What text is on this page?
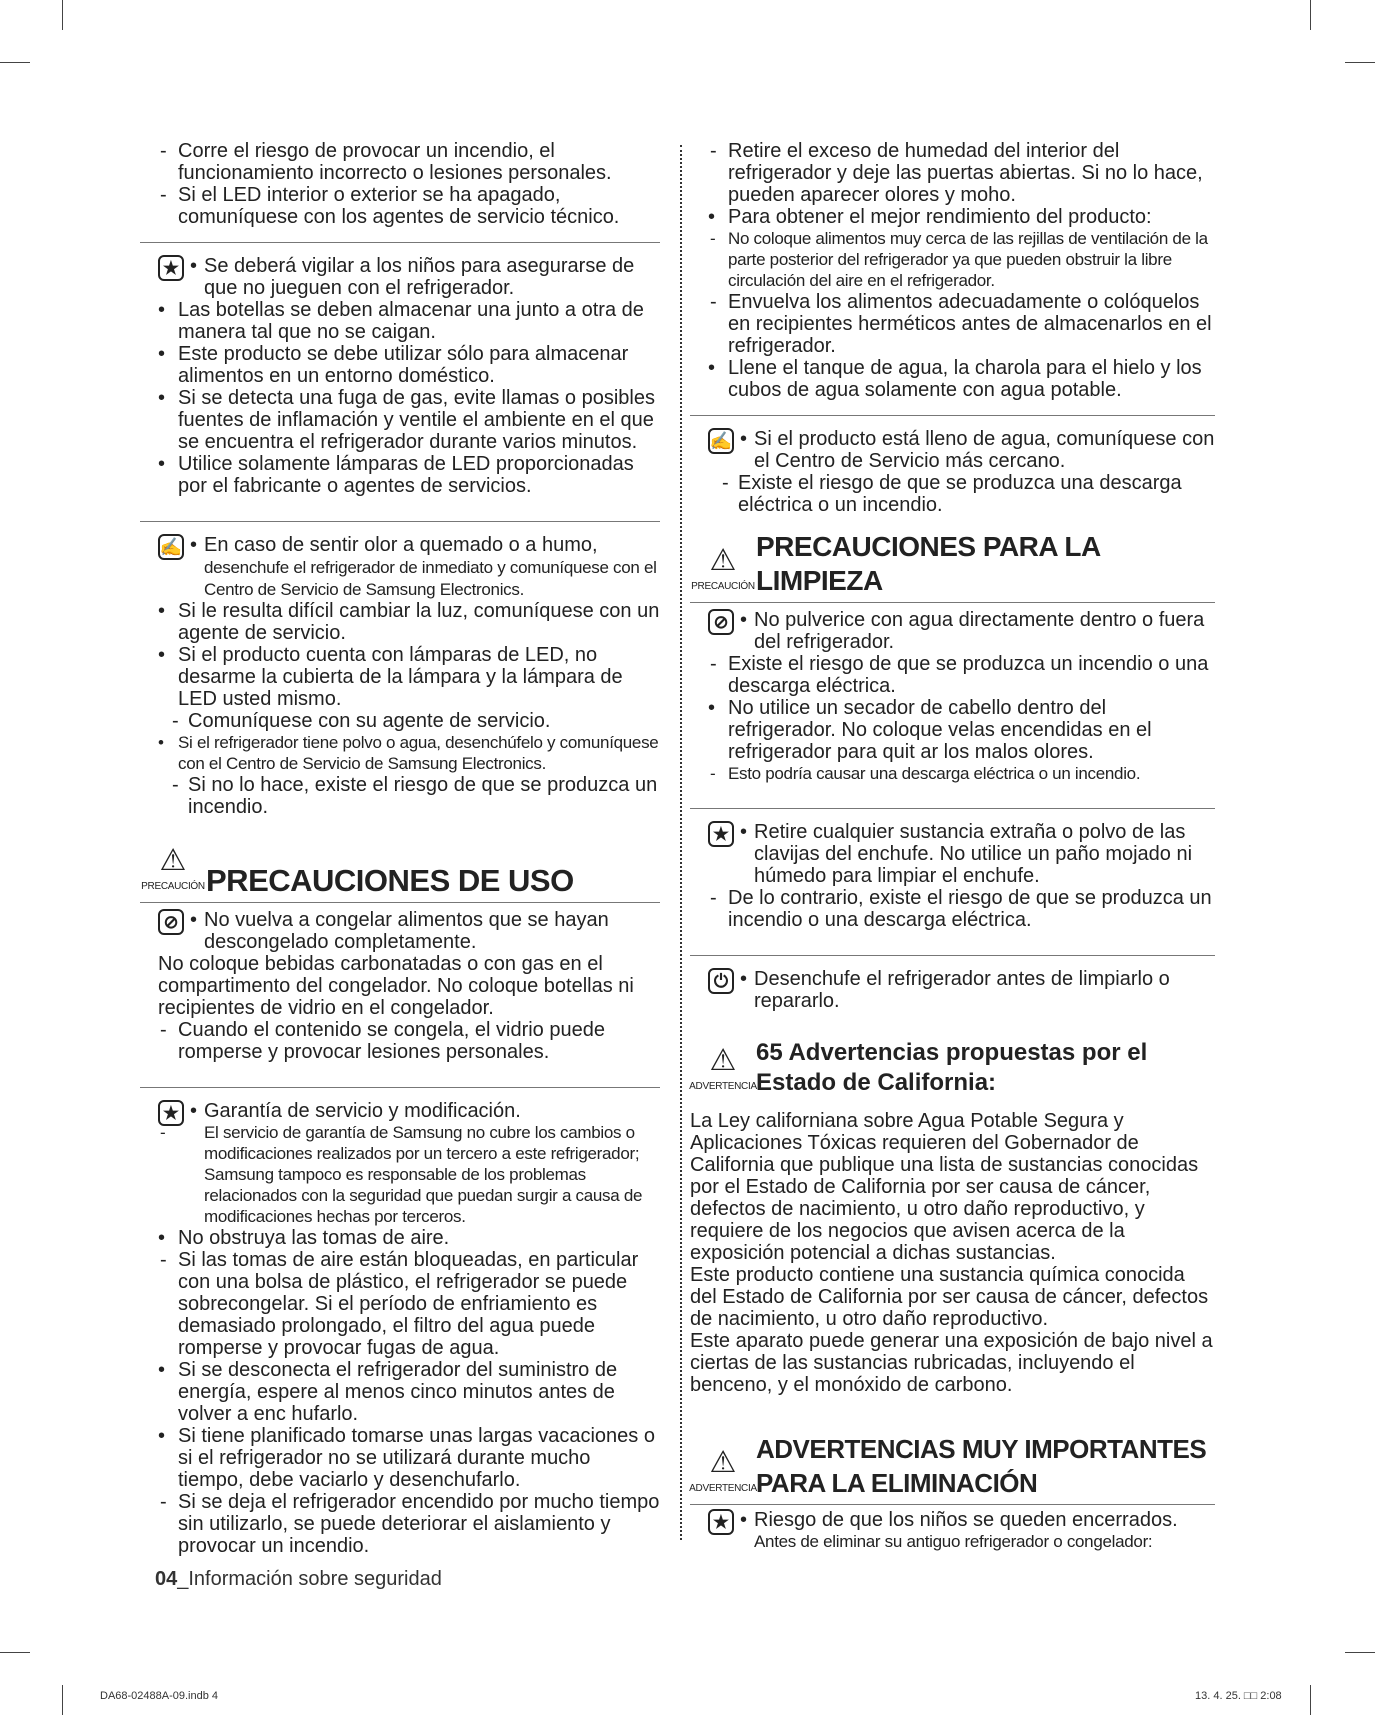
- Corre el riesgo de provocar un incendio, el funcionamiento incorrecto o lesiones personales.
- Si el LED interior o exterior se ha apagado, comuníquese con los agentes de servicio técnico.
★	• Se deberá vigilar a los niños para asegurarse de que no jueguen con el refrigerador.
• Las botellas se deben almacenar una junto a otra de manera tal que no se caigan.
• Este producto se debe utilizar sólo para almacenar alimentos en un entorno doméstico.
• Si se detecta una fuga de gas, evite llamas o posibles fuentes de inflamación y ventile el ambiente en el que se encuentra el refrigerador durante varios minutos.
• Utilice solamente lámparas de LED proporcionadas por el fabricante o agentes de servicios.
✍	• En caso de sentir olor a quemado o a humo, desenchufe el refrigerador de inmediato y comuníquese con el Centro de Servicio de Samsung Electronics.
• Si le resulta difícil cambiar la luz, comuníquese con un agente de servicio.
• Si el producto cuenta con lámparas de LED, no desarme la cubierta de la lámpara y la lámpara de LED usted mismo.
- Comuníquese con su agente de servicio.
• Si el refrigerador tiene polvo o agua, desenchúfelo y comuníquese con el Centro de Servicio de Samsung Electronics.
- Si no lo hace, existe el riesgo de que se produzca un incendio.
⚠
PRECAUCIÓN PRECAUCIONES DE USO
⊘	• No vuelva a congelar alimentos que se hayan descongelado completamente.
No coloque bebidas carbonatadas o con gas en el compartimento del congelador. No coloque botellas ni recipientes de vidrio en el congelador.
- Cuando el contenido se congela, el vidrio puede romperse y provocar lesiones personales.
★	• Garantía de servicio y modificación.
- El servicio de garantía de Samsung no cubre los cambios o modificaciones realizados por un tercero a este refrigerador; Samsung tampoco es responsable de los problemas relacionados con la seguridad que puedan surgir a causa de modificaciones hechas por terceros.
• No obstruya las tomas de aire.
- Si las tomas de aire están bloqueadas, en particular con una bolsa de plástico, el refrigerador se puede sobrecongelar. Si el período de enfriamiento es demasiado prolongado, el filtro del agua puede romperse y provocar fugas de agua.
• Si se desconecta el refrigerador del suministro de energía, espere al menos cinco minutos antes de volver a enc hufarlo.
• Si tiene planificado tomarse unas largas vacaciones o si el refrigerador no se utilizará durante mucho tiempo, debe vaciarlo y desenchufarlo.
- Si se deja el refrigerador encendido por mucho tiempo sin utilizarlo, se puede deteriorar el aislamiento y provocar un incendio.
- Retire el exceso de humedad del interior del refrigerador y deje las puertas abiertas. Si no lo hace, pueden aparecer olores y moho.
• Para obtener el mejor rendimiento del producto:
- No coloque alimentos muy cerca de las rejillas de ventilación de la parte posterior del refrigerador ya que pueden obstruir la libre circulación del aire en el refrigerador.
- Envuelva los alimentos adecuadamente o colóquelos en recipientes herméticos antes de almacenarlos en el refrigerador.
• Llene el tanque de agua, la charola para el hielo y los cubos de agua solamente con agua potable.
✍	• Si el producto está lleno de agua, comuníquese con el Centro de Servicio más cercano.
- Existe el riesgo de que se produzca una descarga eléctrica o un incendio.
⚠
PRECAUCIÓN
PRECAUCIONES PARA LA LIMPIEZA
⊘	• No pulverice con agua directamente dentro o fuera del refrigerador.
- Existe el riesgo de que se produzca un incendio o una descarga eléctrica.
• No utilice un secador de cabello dentro del refrigerador. No coloque velas encendidas en el refrigerador para quit ar los malos olores.
- Esto podría causar una descarga eléctrica o un incendio.
★	• Retire cualquier sustancia extraña o polvo de las clavijas del enchufe. No utilice un paño mojado ni húmedo para limpiar el enchufe.
- De lo contrario, existe el riesgo de que se produzca un incendio o una descarga eléctrica.
⏻	• Desenchufe el refrigerador antes de limpiarlo o repararlo.
⚠
ADVERTENCIA
65 Advertencias propuestas por el
Estado de California:
La Ley californiana sobre Agua Potable Segura y Aplicaciones Tóxicas requieren del Gobernador de California que publique una lista de sustancias conocidas por el Estado de California por ser causa de cáncer, defectos de nacimiento, u otro daño reproductivo, y requiere de los negocios que avisen acerca de la exposición potencial a dichas sustancias.
Este producto contiene una sustancia química conocida del Estado de California por ser causa de cáncer, defectos de nacimiento, u otro daño reproductivo.
Este aparato puede generar una exposición de bajo nivel a ciertas de las sustancias rubricadas, incluyendo el benceno, y el monóxido de carbono.
⚠
ADVERTENCIA
ADVERTENCIAS MUY IMPORTANTES
PARA LA ELIMINACIÓN
★	• Riesgo de que los niños se queden encerrados.
Antes de eliminar su antiguo refrigerador o congelador:
04_Información sobre seguridad
DA68-02488A-09.indb 4	13. 4. 25. □□ 2:08
